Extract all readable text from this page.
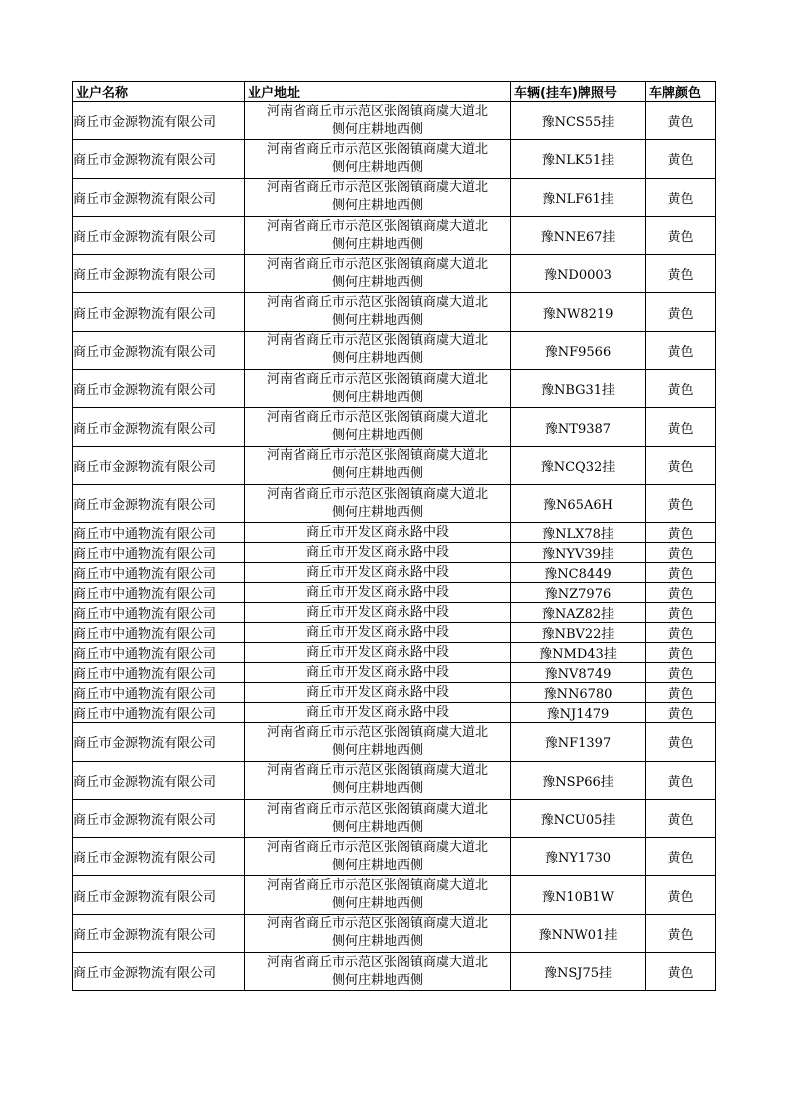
业户名称	业户地址	车辆(挂车)牌照号	车牌颜色
商丘市金源物流有限公司	河南省商丘市示范区张阁镇商虞大道北
侧何庄耕地西侧	豫NCS55挂	黄色
商丘市金源物流有限公司	河南省商丘市示范区张阁镇商虞大道北
侧何庄耕地西侧	豫NLK51挂	黄色
商丘市金源物流有限公司	河南省商丘市示范区张阁镇商虞大道北
侧何庄耕地西侧	豫NLF61挂	黄色
商丘市金源物流有限公司	河南省商丘市示范区张阁镇商虞大道北
侧何庄耕地西侧	豫NNE67挂	黄色
商丘市金源物流有限公司	河南省商丘市示范区张阁镇商虞大道北
侧何庄耕地西侧	豫ND0003	黄色
商丘市金源物流有限公司	河南省商丘市示范区张阁镇商虞大道北
侧何庄耕地西侧	豫NW8219	黄色
商丘市金源物流有限公司	河南省商丘市示范区张阁镇商虞大道北
侧何庄耕地西侧	豫NF9566	黄色
商丘市金源物流有限公司	河南省商丘市示范区张阁镇商虞大道北
侧何庄耕地西侧	豫NBG31挂	黄色
商丘市金源物流有限公司	河南省商丘市示范区张阁镇商虞大道北
侧何庄耕地西侧	豫NT9387	黄色
商丘市金源物流有限公司	河南省商丘市示范区张阁镇商虞大道北
侧何庄耕地西侧	豫NCQ32挂	黄色
商丘市金源物流有限公司	河南省商丘市示范区张阁镇商虞大道北
侧何庄耕地西侧	豫N65A6H	黄色
商丘市中通物流有限公司	商丘市开发区商永路中段	豫NLX78挂	黄色
商丘市中通物流有限公司	商丘市开发区商永路中段	豫NYV39挂	黄色
商丘市中通物流有限公司	商丘市开发区商永路中段	豫NC8449	黄色
商丘市中通物流有限公司	商丘市开发区商永路中段	豫NZ7976	黄色
商丘市中通物流有限公司	商丘市开发区商永路中段	豫NAZ82挂	黄色
商丘市中通物流有限公司	商丘市开发区商永路中段	豫NBV22挂	黄色
商丘市中通物流有限公司	商丘市开发区商永路中段	豫NMD43挂	黄色
商丘市中通物流有限公司	商丘市开发区商永路中段	豫NV8749	黄色
商丘市中通物流有限公司	商丘市开发区商永路中段	豫NN6780	黄色
商丘市中通物流有限公司	商丘市开发区商永路中段	豫NJ1479	黄色
商丘市金源物流有限公司	河南省商丘市示范区张阁镇商虞大道北
侧何庄耕地西侧	豫NF1397	黄色
商丘市金源物流有限公司	河南省商丘市示范区张阁镇商虞大道北
侧何庄耕地西侧	豫NSP66挂	黄色
商丘市金源物流有限公司	河南省商丘市示范区张阁镇商虞大道北
侧何庄耕地西侧	豫NCU05挂	黄色
商丘市金源物流有限公司	河南省商丘市示范区张阁镇商虞大道北
侧何庄耕地西侧	豫NY1730	黄色
商丘市金源物流有限公司	河南省商丘市示范区张阁镇商虞大道北
侧何庄耕地西侧	豫N10B1W	黄色
商丘市金源物流有限公司	河南省商丘市示范区张阁镇商虞大道北
侧何庄耕地西侧	豫NNW01挂	黄色
商丘市金源物流有限公司	河南省商丘市示范区张阁镇商虞大道北
侧何庄耕地西侧	豫NSJ75挂	黄色
